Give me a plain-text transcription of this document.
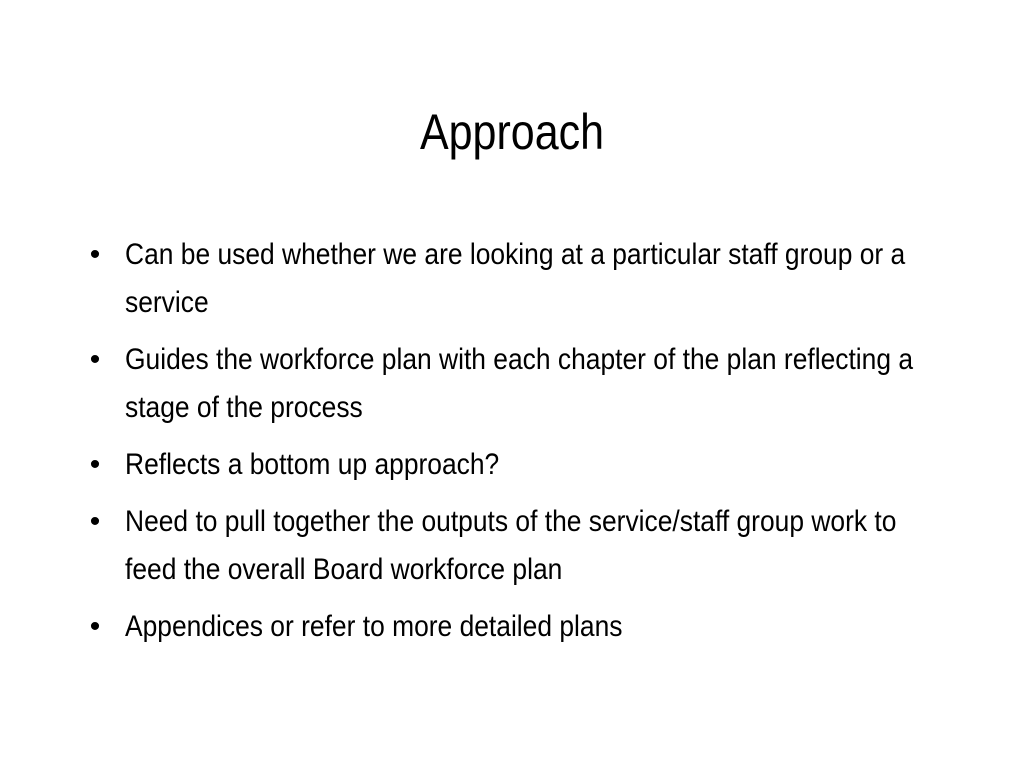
Approach
• Can be used whether we are looking at a particular staff group or a service
• Guides the workforce plan with each chapter of the plan reflecting a stage of the process
• Reflects a bottom up approach?
• Need to pull together the outputs of the service/staff group work to feed the overall Board workforce plan
• Appendices or refer to more detailed plans
